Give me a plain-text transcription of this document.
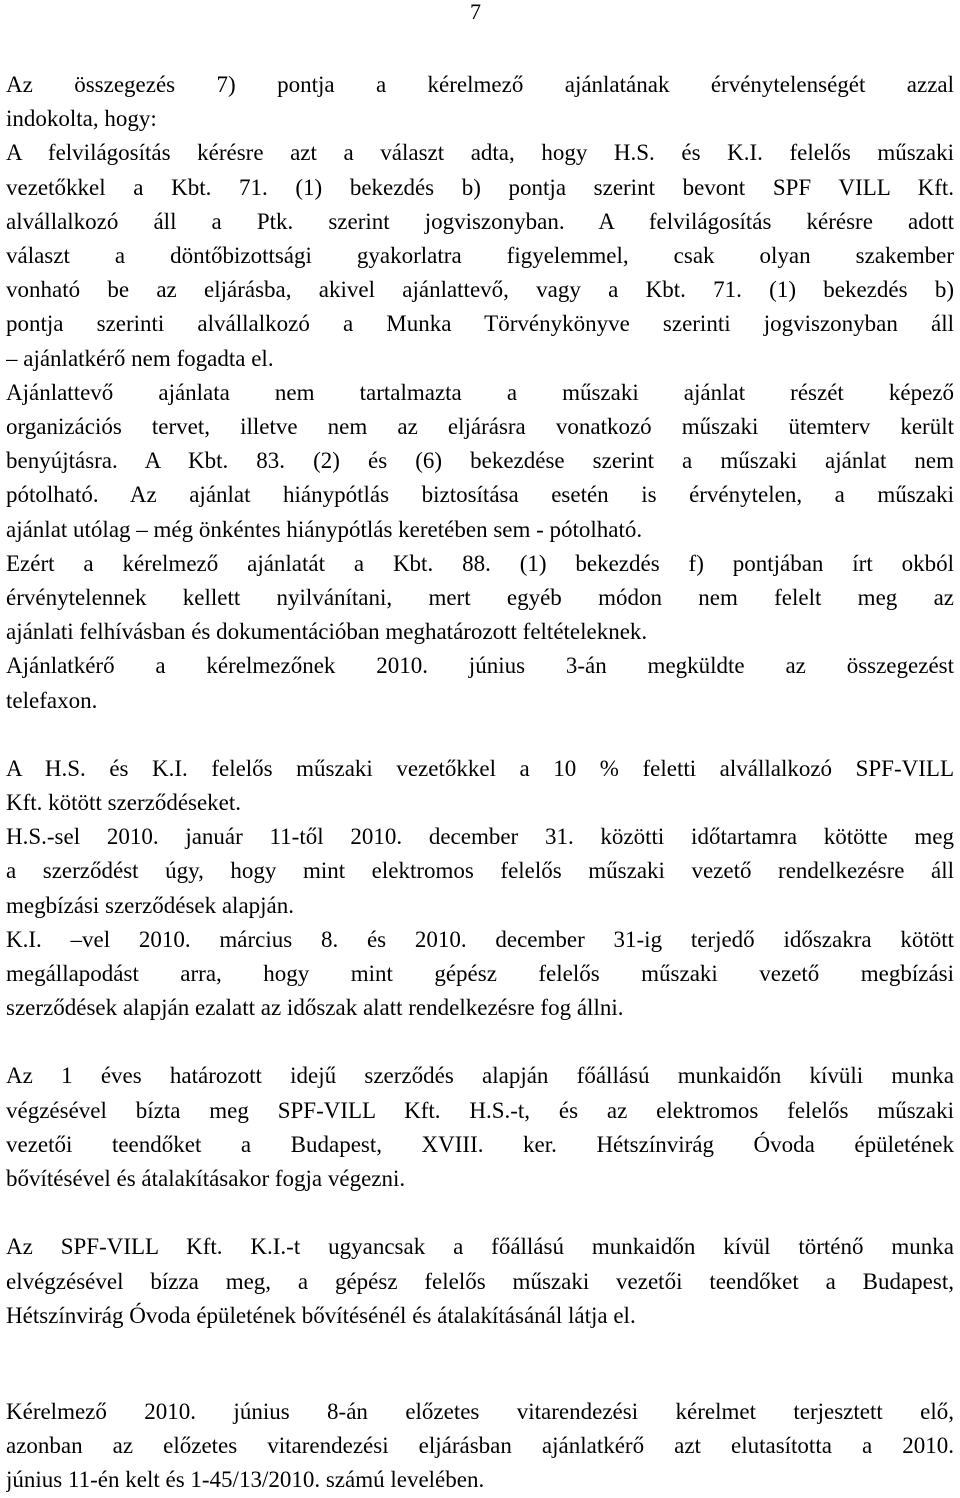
7
Az összegezés 7) pontja a kérelmező ajánlatának érvénytelenségét azzal
indokolta, hogy:
A felvilágosítás kérésre azt a választ adta, hogy H.S. és K.I. felelős műszaki
vezetőkkel a Kbt. 71. (1) bekezdés b) pontja szerint bevont SPF VILL Kft.
alvállalkozó áll a Ptk. szerint jogviszonyban. A felvilágosítás kérésre adott
választ a döntőbizottsági gyakorlatra figyelemmel, csak olyan szakember
vonható be az eljárásba, akivel ajánlattevő, vagy a Kbt. 71. (1) bekezdés b)
pontja szerinti alvállalkozó a Munka Törvénykönyve szerinti jogviszonyban áll
– ajánlatkérő nem fogadta el.
Ajánlattevő ajánlata nem tartalmazta a műszaki ajánlat részét képező
organizációs tervet, illetve nem az eljárásra vonatkozó műszaki ütemterv került
benyújtásra. A Kbt. 83. (2) és (6) bekezdése szerint a műszaki ajánlat nem
pótolható. Az ajánlat hiánypótlás biztosítása esetén is érvénytelen, a műszaki
ajánlat utólag – még önkéntes hiánypótlás keretében sem - pótolható.
Ezért a kérelmező ajánlatát a Kbt. 88. (1) bekezdés f) pontjában írt okból
érvénytelennek kellett nyilvánítani, mert egyéb módon nem felelt meg az
ajánlati felhívásban és dokumentációban meghatározott feltételeknek.
Ajánlatkérő a kérelmezőnek 2010. június 3-án megküldte az összegezést
telefaxon.
A H.S. és K.I. felelős műszaki vezetőkkel a 10 % feletti alvállalkozó SPF-VILL
Kft. kötött szerződéseket.
H.S.-sel 2010. január 11-től 2010. december 31. közötti időtartamra kötötte meg
a szerződést úgy, hogy mint elektromos felelős műszaki vezető rendelkezésre áll
megbízási szerződések alapján.
K.I. –vel 2010. március 8. és 2010. december 31-ig terjedő időszakra kötött
megállapodást arra, hogy mint gépész felelős műszaki vezető megbízási
szerződések alapján ezalatt az időszak alatt rendelkezésre fog állni.
Az 1 éves határozott idejű szerződés alapján főállású munkaidőn kívüli munka
végzésével bízta meg SPF-VILL Kft. H.S.-t, és az elektromos felelős műszaki
vezetői teendőket a Budapest, XVIII. ker. Hétszínvirág Óvoda épületének
bővítésével és átalakításakor fogja végezni.
Az SPF-VILL Kft. K.I.-t ugyancsak a főállású munkaidőn kívül történő munka
elvégzésével bízza meg, a gépész felelős műszaki vezetői teendőket a Budapest,
Hétszínvirág Óvoda épületének bővítésénél és átalakításánál látja el.
Kérelmező 2010. június 8-án előzetes vitarendezési kérelmet terjesztett elő,
azonban az előzetes vitarendezési eljárásban ajánlatkérő azt elutasította a 2010.
június 11-én kelt és 1-45/13/2010. számú levelében.
